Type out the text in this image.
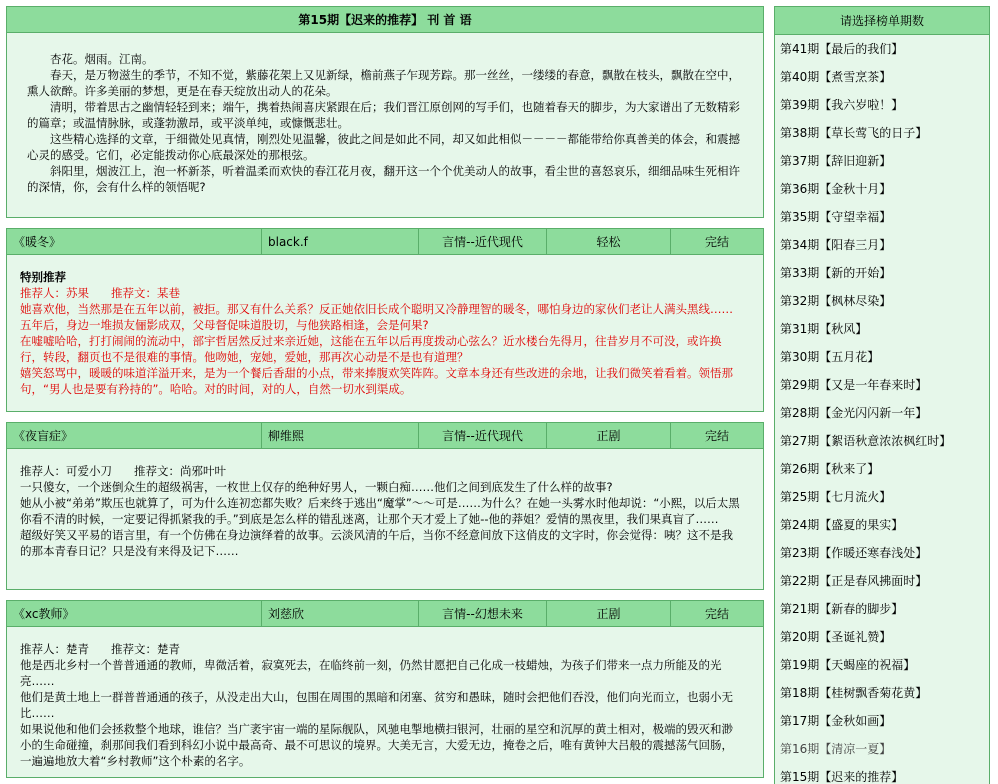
第15期【迟来的推荐】 刊 首 语

杏花。烟雨。江南。

春天，是万物滋生的季节，不知不觉，紫藤花架上又见新绿，檐前燕子乍现芳踪。那一丝丝，一缕缕的春意，飘散在枝头，飘散在空中，熏人欲醉。许多美丽的梦想，更是在春天绽放出动人的花朵。

清明，带着思古之幽情轻轻到来；端午，携着热闹喜庆紧跟在后；我们晋江原创网的写手们，也随着春天的脚步，为大家谱出了无数精彩的篇章；或温情脉脉，或蓬勃激昂，或平淡单纯，或慷慨悲壮。

这些精心选择的文章，于细微处见真情，刚烈处见温馨，彼此之间是如此不同，却又如此相似－－－－都能带给你真善美的体会，和震撼心灵的感受。它们，必定能拨动你心底最深处的那根弦。

斜阳里，烟波江上，泡一杯新茶，听着温柔而欢快的春江花月夜，翻开这一个个优美动人的故事，看尘世的喜怒哀乐，细细品味生死相许的深情，你，会有什么样的领悟呢?

《暖冬》	black.f	言情--近代现代	轻松	完结
特别推荐
推荐人：苏果 推荐文：某巷
她喜欢他，当然那是在五年以前，被拒。那又有什么关系？反正她依旧长成个聪明又冷静理智的暖冬，哪怕身边的家伙们老让人满头黑线……五年后，身边一堆损友俪影成双，父母督促味道股切，与他狭路相逢，会是何果?
在嘘嘘哈哈，打打闹闹的流动中，部宇哲居然反过来亲近她，这能在五年以后再度拨动心弦么？近水楼台先得月，往昔岁月不可没，或许换行，转段，翻页也不是很难的事情。他吻她，宠她，爱她，那再次心动是不是也有道理？
嬉笑怒骂中，暖暖的味道洋溢开来，是为一个餐后香甜的小点，带来捧腹欢笑阵阵。文章本身还有些改进的余地，让我们微笑着看着。领悟那句，“男人也是要有矜持的”。哈哈。对的时间，对的人，自然一切水到渠成。
《夜盲症》	柳维熙	言情--近代现代	正剧	完结
推荐人：可爱小刀 推荐文：尚邪叶叶
一只傻女，一个迷倒众生的超级祸害，一枚世上仅存的绝种好男人，一颗白痴……他们之间到底发生了什么样的故事?
她从小被“弟弟”欺压也就算了，可为什么连初恋都失败？后来终于逃出“魔掌”～～可是……为什么？在她一头雾水时他却说：“小熙，以后太黑你看不清的时候，一定要记得抓紧我的手。”到底是怎么样的错乱迷离，让那个天才爱上了她--他的莽姐？爱情的黑夜里，我们果真盲了……
超级好笑又平易的语言里，有一个仿佛在身边演绎着的故事。云淡风清的午后，当你不经意间放下这俏皮的文字时，你会觉得：咦？这不是我的那本青春日记？只是没有来得及记下……
《xc教师》	刘慈欣	言情--幻想未来	正剧	完结
推荐人：楚青 推荐文：楚青
他是西北乡村一个普普通通的教师，卑微活着，寂寞死去，在临终前一刻，仍然甘愿把自己化成一枝蜡烛，为孩子们带来一点力所能及的光亮……
他们是黄土地上一群普普通通的孩子，从没走出大山，包围在周围的黑暗和闭塞、贫穷和愚昧，随时会把他们吞没，他们向光而立，也弱小无比……
如果说他和他们会拯救整个地球，谁信？当广袤宇宙一端的星际舰队，风驰电掣地横扫银河，壮丽的星空和沉厚的黄土相对，极端的毁灭和渺小的生命碰撞，刹那间我们看到科幻小说中最高奇、最不可思议的境界。大美无言，大爱无边，掩卷之后，唯有黄钟大吕般的震撼荡气回肠，一遍遍地放大着“乡村教师”这个朴素的名字。
请选择榜单期数
第41期【最后的我们】
第40期【煮雪烹茶】
第39期【我六岁啦！】
第38期【草长莺飞的日子】
第37期【辞旧迎新】
第36期【金秋十月】
第35期【守望幸福】
第34期【阳春三月】
第33期【新的开始】
第32期【枫林尽染】
第31期【秋风】
第30期【五月花】
第29期【又是一年春来时】
第28期【金光闪闪新一年】
第27期【絮语秋意浓浓枫红时】
第26期【秋来了】
第25期【七月流火】
第24期【盛夏的果实】
第23期【作暖还寒春浅处】
第22期【正是春风拂面时】
第21期【新春的脚步】
第20期【圣诞礼赞】
第19期【天蝎座的祝福】
第18期【桂树飘香菊花黄】
第17期【金秋如画】
第16期【清凉一夏】
第15期【迟来的推荐】
